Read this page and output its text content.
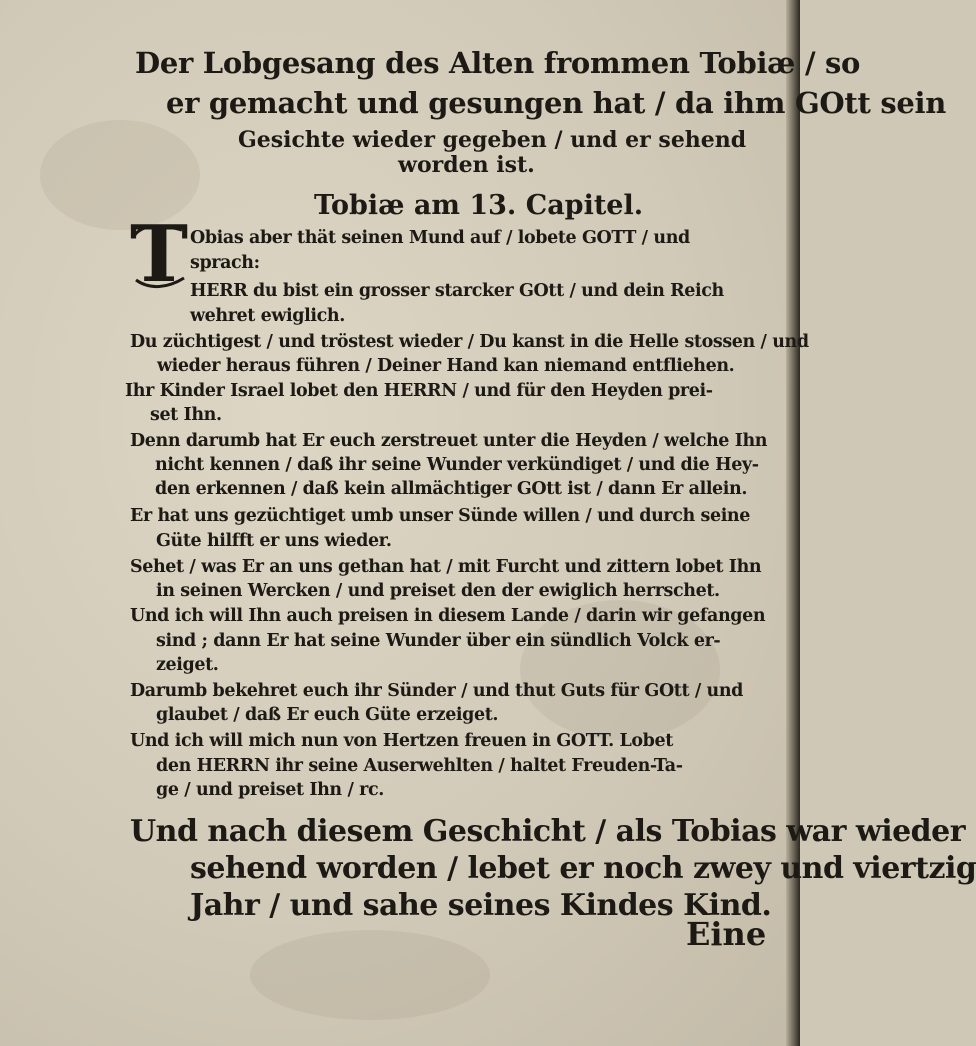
Der Lobgesang des Alten frommen Tobiæ / so
er gemacht und gesungen hat / da ihm GOtt sein
Gesichte wieder gegeben / und er sehend
worden ist.
Tobiæ am 13. Capitel.
T Obias aber thät seinen Mund auf / lobete GOTT / und
sprach:
HERR du bist ein grosser starcker GOtt / und dein Reich
wehret ewiglich.
Du züchtigest / und tröstest wieder / Du kanst in die Helle stossen / und
wieder heraus führen / Deiner Hand kan niemand entfliehen.
Ihr Kinder Israel lobet den HERRN / und für den Heyden prei-
set Ihn.
Denn darumb hat Er euch zerstreuet unter die Heyden / welche Ihn
nicht kennen / daß ihr seine Wunder verkündiget / und die Hey-
den erkennen / daß kein allmächtiger GOtt ist / dann Er allein.
Er hat uns gezüchtiget umb unser Sünde willen / und durch seine
Güte hilfft er uns wieder.
Sehet / was Er an uns gethan hat / mit Furcht und zittern lobet Ihn
in seinen Wercken / und preiset den der ewiglich herrschet.
Und ich will Ihn auch preisen in diesem Lande / darin wir gefangen
sind ; dann Er hat seine Wunder über ein sündlich Volck er-
zeiget.
Darumb bekehret euch ihr Sünder / und thut Guts für GOtt / und
glaubet / daß Er euch Güte erzeiget.
Und ich will mich nun von Hertzen freuen in GOTT. Lobet
den HERRN ihr seine Auserwehlten / haltet Freuden-Ta-
ge / und preiset Ihn / rc.
Und nach diesem Geschicht / als Tobias war wieder
sehend worden / lebet er noch zwey und viertzig
Jahr / und sahe seines Kindes Kind.
Eine
